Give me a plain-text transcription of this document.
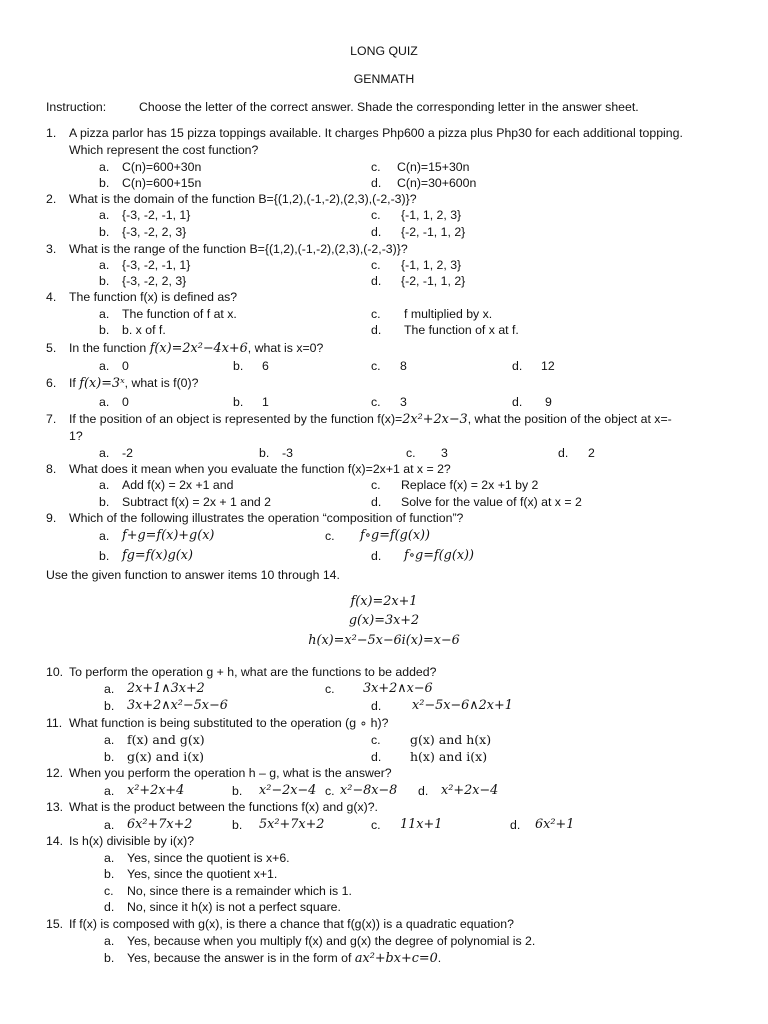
LONG QUIZ
GENMATH
Instruction:	Choose the letter of the correct answer. Shade the corresponding letter in the answer sheet.
1. A pizza parlor has 15 pizza toppings available. It charges Php600 a pizza plus Php30 for each additional topping.
Which represent the cost function?
a. C(n)=600+30n	c. C(n)=15+30n
b. C(n)=600+15n	d. C(n)=30+600n
2. What is the domain of the function B={(1,2),(-1,-2),(2,3),(-2,-3)}?
a. {-3, -2, -1, 1}	c. {-1, 1, 2, 3}
b. {-3, -2, 2, 3}	d. {-2, -1, 1, 2}
3. What is the range of the function B={(1,2),(-1,-2),(2,3),(-2,-3)}?
a. {-3, -2, -1, 1}	c. {-1, 1, 2, 3}
b. {-3, -2, 2, 3}	d. {-2, -1, 1, 2}
4. The function f(x) is defined as?
a. The function of f at x.	c. f multiplied by x.
b. b. x of f.	d. The function of x at f.
5. In the function f(x)=2x²−4x+6, what is x=0?
a. 0	b. 6	c. 8	d. 12
6. If f(x)=3ˣ, what is f(0)?
a. 0	b. 1	c. 3	d. 9
7. If the position of an object is represented by the function f(x)=2x²+2x−3, what the position of the object at x=-
1?
a. -2	b. -3	c. 3	d. 2
8. What does it mean when you evaluate the function f(x)=2x+1 at x = 2?
a. Add f(x) = 2x +1 and	c. Replace f(x) = 2x +1 by 2
b. Subtract f(x) = 2x + 1 and 2	d. Solve for the value of f(x) at x = 2
9. Which of the following illustrates the operation “composition of function”?
a. f+g=f(x)+g(x)	c. f∘g=f(g(x))
b. fg=f(x)g(x)	d. f∘g=f(g(x))
Use the given function to answer items 10 through 14.
f(x)=2x+1
g(x)=3x+2
h(x)=x²−5x−6i(x)=x−6
10. To perform the operation g + h, what are the functions to be added?
a. 2x+1∧3x+2	c. 3x+2∧x−6
b. 3x+2∧x²−5x−6	d. x²−5x−6∧2x+1
11. What function is being substituted to the operation (g ∘ h)?
a. f(x) and g(x)	c. g(x) and h(x)
b. g(x) and i(x)	d. h(x) and i(x)
12. When you perform the operation h – g, what is the answer?
a. x²+2x+4	b. x²−2x−4 c. x²−8x−8 d. x²+2x−4
13. What is the product between the functions f(x) and g(x)?.
a. 6x²+7x+2	b. 5x²+7x+2	c. 11x+1	d. 6x²+1
14. Is h(x) divisible by i(x)?
a. Yes, since the quotient is x+6.
b. Yes, since the quotient x+1.
c. No, since there is a remainder which is 1.
d. No, since it h(x) is not a perfect square.
15. If f(x) is composed with g(x), is there a chance that f(g(x)) is a quadratic equation?
a. Yes, because when you multiply f(x) and g(x) the degree of polynomial is 2.
b. Yes, because the answer is in the form of ax²+bx+c=0.
